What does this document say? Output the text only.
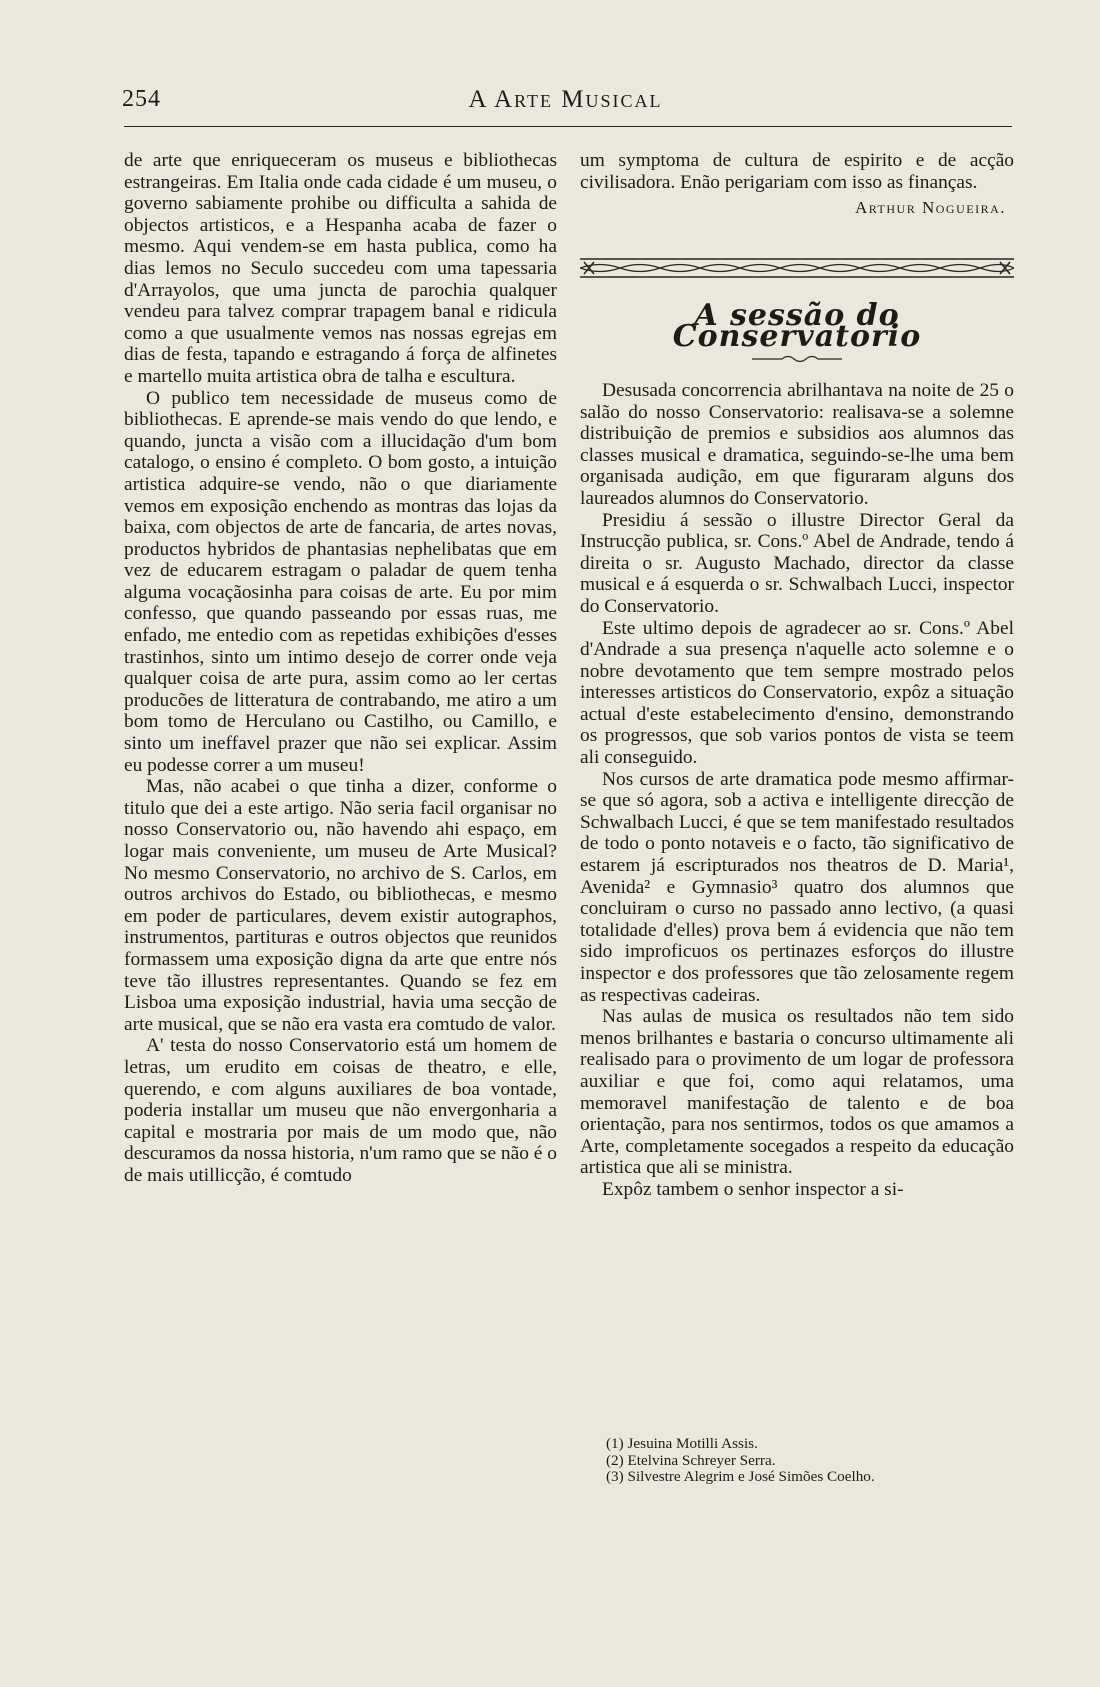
254	A Arte Musical

de arte que enriqueceram os museus e bibliothecas estrangeiras. Em Italia onde cada cidade é um museu, o governo sabiamente prohibe ou difficulta a sahida de objectos artisticos, e a Hespanha acaba de fazer o mesmo. Aqui vendem-se em hasta publica, como ha dias lemos no Seculo succedeu com uma tapessaria d'Arrayolos, que uma juncta de parochia qualquer vendeu para talvez comprar trapagem banal e ridicula como a que usualmente vemos nas nossas egrejas em dias de festa, tapando e estragando á força de alfinetes e martello muita artistica obra de talha e escultura.

O publico tem necessidade de museus como de bibliothecas. E aprende-se mais vendo do que lendo, e quando, juncta a visão com a illucidação d'um bom catalogo, o ensino é completo. O bom gosto, a intuição artistica adquire-se vendo, não o que diariamente vemos em exposição enchendo as montras das lojas da baixa, com objectos de arte de fancaria, de artes novas, productos hybridos de phantasias nephelibatas que em vez de educarem estragam o paladar de quem tenha alguma vocaçãosinha para coisas de arte. Eu por mim confesso, que quando passeando por essas ruas, me enfado, me entedio com as repetidas exhibições d'esses trastinhos, sinto um intimo desejo de correr onde veja qualquer coisa de arte pura, assim como ao ler certas producões de litteratura de contrabando, me atiro a um bom tomo de Herculano ou Castilho, ou Camillo, e sinto um ineffavel prazer que não sei explicar. Assim eu podesse correr a um museu!

Mas, não acabei o que tinha a dizer, conforme o titulo que dei a este artigo. Não seria facil organisar no nosso Conservatorio ou, não havendo ahi espaço, em logar mais conveniente, um museu de Arte Musical? No mesmo Conservatorio, no archivo de S. Carlos, em outros archivos do Estado, ou bibliothecas, e mesmo em poder de particulares, devem existir autographos, instrumentos, partituras e outros objectos que reunidos formassem uma exposição digna da arte que entre nós teve tão illustres representantes. Quando se fez em Lisboa uma exposição industrial, havia uma secção de arte musical, que se não era vasta era comtudo de valor.

A' testa do nosso Conservatorio está um homem de letras, um erudito em coisas de theatro, e elle, querendo, e com alguns auxiliares de boa vontade, poderia installar um museu que não envergonharia a capital e mostraria por mais de um modo que, não descuramos da nossa historia, n'um ramo que se não é o de mais utillicção, é comtudo

um symptoma de cultura de espirito e de acção civilisadora. Enão perigariam com isso as finanças.

Arthur Nogueira.

A sessão do Conservatorio

Desusada concorrencia abrilhantava na noite de 25 o salão do nosso Conservatorio: realisava-se a solemne distribuição de premios e subsidios aos alumnos das classes musical e dramatica, seguindo-se-lhe uma bem organisada audição, em que figuraram alguns dos laureados alumnos do Conservatorio.

Presidiu á sessão o illustre Director Geral da Instrucção publica, sr. Cons.º Abel de Andrade, tendo á direita o sr. Augusto Machado, director da classe musical e á esquerda o sr. Schwalbach Lucci, inspector do Conservatorio.

Este ultimo depois de agradecer ao sr. Cons.º Abel d'Andrade a sua presença n'aquelle acto solemne e o nobre devotamento que tem sempre mostrado pelos interesses artisticos do Conservatorio, expôz a situação actual d'este estabelecimento d'ensino, demonstrando os progressos, que sob varios pontos de vista se teem ali conseguido.

Nos cursos de arte dramatica pode mesmo affirmar-se que só agora, sob a activa e intelligente direcção de Schwalbach Lucci, é que se tem manifestado resultados de todo o ponto notaveis e o facto, tão significativo de estarem já escripturados nos theatros de D. Maria¹, Avenida² e Gymnasio³ quatro dos alumnos que concluiram o curso no passado anno lectivo, (a quasi totalidade d'elles) prova bem á evidencia que não tem sido improficuos os pertinazes esforços do illustre inspector e dos professores que tão zelosamente regem as respectivas cadeiras.

Nas aulas de musica os resultados não tem sido menos brilhantes e bastaria o concurso ultimamente ali realisado para o provimento de um logar de professora auxiliar e que foi, como aqui relatamos, uma memoravel manifestação de talento e de boa orientação, para nos sentirmos, todos os que amamos a Arte, completamente socegados a respeito da educação artistica que ali se ministra.

Expôz tambem o senhor inspector a si-

(1) Jesuina Motilli Assis.
(2) Etelvina Schreyer Serra.
(3) Silvestre Alegrim e José Simões Coelho.
